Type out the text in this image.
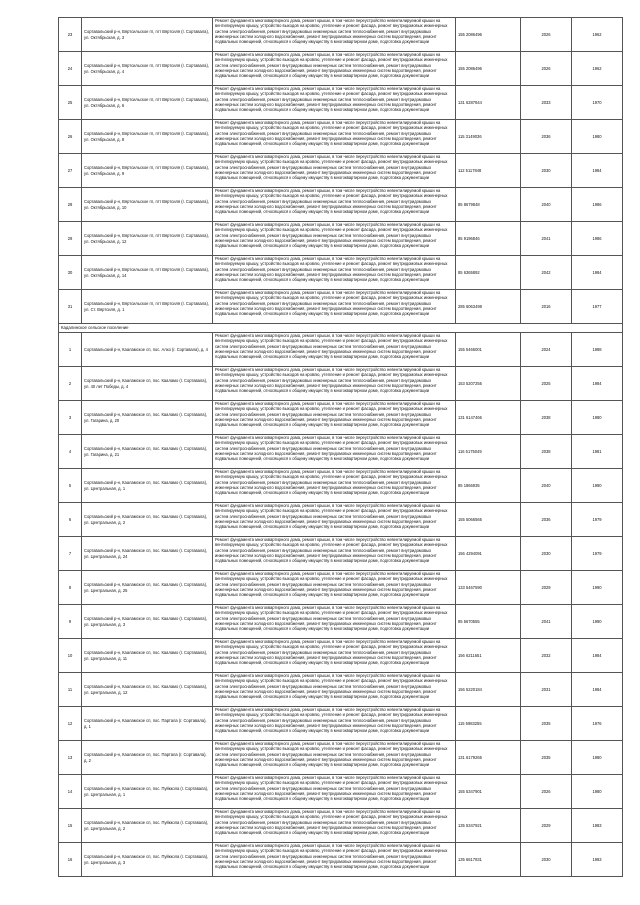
23	Сортавальский р-н, Вяртсильское гп, пгт Вяртсиля (г. Сортавала), ул. Октябрьская, д. 3	Ремонт фундамента многоквартирного дома, ремонт крыши, в том числе переустройство невентилируемой крыши на вентилируемую крышу, устройство выходов на кровлю, утепление и ремонт фасада, ремонт внутридомовых инженерных систем электроснабжения, ремонт внутридомовых инженерных систем теплоснабжения, ремонт внутридомовых инженерных систем холодного водоснабжения, ремонт внутридомовых инженерных систем водоотведения, ремонт подвальных помещений, относящихся к общему имуществу в многоквартирном доме, подготовка документации	155 2086496	2026	1962
24	Сортавальский р-н, Вяртсильское гп, пгт Вяртсиля (г. Сортавала), ул. Октябрьская, д. 4	Ремонт фундамента многоквартирного дома, ремонт крыши, в том числе переустройство невентилируемой крыши на вентилируемую крышу, устройство выходов на кровлю, утепление и ремонт фасада, ремонт внутридомовых инженерных систем электроснабжения, ремонт внутридомовых инженерных систем теплоснабжения, ремонт внутридомовых инженерных систем холодного водоснабжения, ремонт внутридомовых инженерных систем водоотведения, ремонт подвальных помещений, относящихся к общему имуществу в многоквартирном доме, подготовка документации	155 2086496	2026	1962
25	Сортавальский р-н, Вяртсильское гп, пгт Вяртсиля (г. Сортавала), ул. Октябрьская, д. 6	Ремонт фундамента многоквартирного дома, ремонт крыши, в том числе переустройство невентилируемой крыши на вентилируемую крышу, устройство выходов на кровлю, утепление и ремонт фасада, ремонт внутридомовых инженерных систем электроснабжения, ремонт внутридомовых инженерных систем теплоснабжения, ремонт внутридомовых инженерных систем холодного водоснабжения, ремонт внутридомовых инженерных систем водоотведения, ремонт подвальных помещений, относящихся к общему имуществу в многоквартирном доме, подготовка документации	131 6287844	2033	1970
26	Сортавальский р-н, Вяртсильское гп, пгт Вяртсиля (г. Сортавала), ул. Октябрьская, д. 8	Ремонт фундамента многоквартирного дома, ремонт крыши, в том числе переустройство невентилируемой крыши на вентилируемую крышу, устройство выходов на кровлю, утепление и ремонт фасада, ремонт внутридомовых инженерных систем электроснабжения, ремонт внутридомовых инженерных систем теплоснабжения, ремонт внутридомовых инженерных систем холодного водоснабжения, ремонт внутридомовых инженерных систем водоотведения, ремонт подвальных помещений, относящихся к общему имуществу в многоквартирном доме, подготовка документации	115 3149036	2036	1980
27	Сортавальский р-н, Вяртсильское гп, пгт Вяртсиля (г. Сортавала), ул. Октябрьская, д. 9	Ремонт фундамента многоквартирного дома, ремонт крыши, в том числе переустройство невентилируемой крыши на вентилируемую крышу, устройство выходов на кровлю, утепление и ремонт фасада, ремонт внутридомовых инженерных систем электроснабжения, ремонт внутридомовых инженерных систем теплоснабжения, ремонт внутридомовых инженерных систем холодного водоснабжения, ремонт внутридомовых инженерных систем водоотведения, ремонт подвальных помещений, относящихся к общему имуществу в многоквартирном доме, подготовка документации	112 5117848	2030	1984
28	Сортавальский р-н, Вяртсильское гп, пгт Вяртсиля (г. Сортавала), ул. Октябрьская, д. 10	Ремонт фундамента многоквартирного дома, ремонт крыши, в том числе переустройство невентилируемой крыши на вентилируемую крышу, устройство выходов на кровлю, утепление и ремонт фасада, ремонт внутридомовых инженерных систем электроснабжения, ремонт внутридомовых инженерных систем теплоснабжения, ремонт внутридомовых инженерных систем холодного водоснабжения, ремонт внутридомовых инженерных систем водоотведения, ремонт подвальных помещений, относящихся к общему имуществу в многоквартирном доме, подготовка документации	85 8679848	2040	1986
29	Сортавальский р-н, Вяртсильское гп, пгт Вяртсиля (г. Сортавала), ул. Октябрьская, д. 12	Ремонт фундамента многоквартирного дома, ремонт крыши, в том числе переустройство невентилируемой крыши на вентилируемую крышу, устройство выходов на кровлю, утепление и ремонт фасада, ремонт внутридомовых инженерных систем электроснабжения, ремонт внутридомовых инженерных систем теплоснабжения, ремонт внутридомовых инженерных систем холодного водоснабжения, ремонт внутридомовых инженерных систем водоотведения, ремонт подвальных помещений, относящихся к общему имуществу в многоквартирном доме, подготовка документации	85 9196846	2041	1986
30	Сортавальский р-н, Вяртсильское гп, пгт Вяртсиля (г. Сортавала), ул. Октябрьская, д. 14	Ремонт фундамента многоквартирного дома, ремонт крыши, в том числе переустройство невентилируемой крыши на вентилируемую крышу, устройство выходов на кровлю, утепление и ремонт фасада, ремонт внутридомовых инженерных систем электроснабжения, ремонт внутридомовых инженерных систем теплоснабжения, ремонт внутридомовых инженерных систем холодного водоснабжения, ремонт внутридомовых инженерных систем водоотведения, ремонт подвальных помещений, относящихся к общему имуществу в многоквартирном доме, подготовка документации	85 6365892	2042	1984
31	Сортавальский р-н, Вяртсильское гп, пгт Вяртсиля (г. Сортавала), ул. Ст. Вяртсиля, д. 1	Ремонт фундамента многоквартирного дома, ремонт крыши, в том числе переустройство невентилируемой крыши на вентилируемую крышу, устройство выходов на кровлю, утепление и ремонт фасада, ремонт внутридомовых инженерных систем электроснабжения, ремонт внутридомовых инженерных систем теплоснабжения, ремонт внутридомовых инженерных систем холодного водоснабжения, ремонт внутридомовых инженерных систем водоотведения, ремонт подвальных помещений, относящихся к общему имуществу в многоквартирном доме, подготовка документации	285 6063498	2016	1977
Кадалинское сельское поселение					
1	Сортавальский р-н, Кааламское сп, пос. Алхо (г. Сортавала), д. 4	Ремонт фундамента многоквартирного дома, ремонт крыши, в том числе переустройство невентилируемой крыши на вентилируемую крышу, устройство выходов на кровлю, утепление и ремонт фасада, ремонт внутридомовых инженерных систем электроснабжения, ремонт внутридомовых инженерных систем теплоснабжения, ремонт внутридомовых инженерных систем холодного водоснабжения, ремонт внутридомовых инженерных систем водоотведения, ремонт подвальных помещений, относящихся к общему имуществу в многоквартирном доме, подготовка документации	155 5466001	2024	1988
2	Сортавальский р-н, Кааламское сп, пос. Кааламо (г. Сортавала), ул. 40 лет Победы, д. 4	Ремонт фундамента многоквартирного дома, ремонт крыши, в том числе переустройство невентилируемой крыши на вентилируемую крышу, устройство выходов на кровлю, утепление и ремонт фасада, ремонт внутридомовых инженерных систем электроснабжения, ремонт внутридомовых инженерных систем теплоснабжения, ремонт внутридомовых инженерных систем холодного водоснабжения, ремонт внутридомовых инженерных систем водоотведения, ремонт подвальных помещений, относящихся к общему имуществу в многоквартирном доме, подготовка документации	153 5207255	2025	1984
3	Сортавальский р-н, Кааламское сп, пос. Кааламо (г. Сортавала), ул. Гагарина, д. 20	Ремонт фундамента многоквартирного дома, ремонт крыши, в том числе переустройство невентилируемой крыши на вентилируемую крышу, устройство выходов на кровлю, утепление и ремонт фасада, ремонт внутридомовых инженерных систем электроснабжения, ремонт внутридомовых инженерных систем теплоснабжения, ремонт внутридомовых инженерных систем холодного водоснабжения, ремонт внутридомовых инженерных систем водоотведения, ремонт подвальных помещений, относящихся к общему имуществу в многоквартирном доме, подготовка документации	131 6147466	2038	1980
4	Сортавальский р-н, Кааламское сп, пос. Кааламо (г. Сортавала), ул. Гагарина, д. 21	Ремонт фундамента многоквартирного дома, ремонт крыши, в том числе переустройство невентилируемой крыши на вентилируемую крышу, устройство выходов на кровлю, утепление и ремонт фасада, ремонт внутридомовых инженерных систем электроснабжения, ремонт внутридомовых инженерных систем теплоснабжения, ремонт внутридомовых инженерных систем холодного водоснабжения, ремонт внутридомовых инженерных систем водоотведения, ремонт подвальных помещений, относящихся к общему имуществу в многоквартирном доме, подготовка документации	116 5175049	2038	1981
5	Сортавальский р-н, Кааламское сп, пос. Кааламо (г. Сортавала), ул. Центральная, д. 1	Ремонт фундамента многоквартирного дома, ремонт крыши, в том числе переустройство невентилируемой крыши на вентилируемую крышу, устройство выходов на кровлю, утепление и ремонт фасада, ремонт внутридомовых инженерных систем электроснабжения, ремонт внутридомовых инженерных систем теплоснабжения, ремонт внутридомовых инженерных систем холодного водоснабжения, ремонт внутридомовых инженерных систем водоотведения, ремонт подвальных помещений, относящихся к общему имуществу в многоквартирном доме, подготовка документации	85 1866935	2040	1990
6	Сортавальский р-н, Кааламское сп, пос. Кааламо (г. Сортавала), ул. Центральная, д. 2	Ремонт фундамента многоквартирного дома, ремонт крыши, в том числе переустройство невентилируемой крыши на вентилируемую крышу, устройство выходов на кровлю, утепление и ремонт фасада, ремонт внутридомовых инженерных систем электроснабжения, ремонт внутридомовых инженерных систем теплоснабжения, ремонт внутридомовых инженерных систем холодного водоснабжения, ремонт внутридомовых инженерных систем водоотведения, ремонт подвальных помещений, относящихся к общему имуществу в многоквартирном доме, подготовка документации	155 5066565	2036	1979
7	Сортавальский р-н, Кааламское сп, пос. Кааламо (г. Сортавала), ул. Центральная, д. 24	Ремонт фундамента многоквартирного дома, ремонт крыши, в том числе переустройство невентилируемой крыши на вентилируемую крышу, устройство выходов на кровлю, утепление и ремонт фасада, ремонт внутридомовых инженерных систем электроснабжения, ремонт внутридомовых инженерных систем теплоснабжения, ремонт внутридомовых инженерных систем холодного водоснабжения, ремонт внутридомовых инженерных систем водоотведения, ремонт подвальных помещений, относящихся к общему имуществу в многоквартирном доме, подготовка документации	156 4294091	2030	1979
8	Сортавальский р-н, Кааламское сп, пос. Кааламо (г. Сортавала), ул. Центральная, д. 25	Ремонт фундамента многоквартирного дома, ремонт крыши, в том числе переустройство невентилируемой крыши на вентилируемую крышу, устройство выходов на кровлю, утепление и ремонт фасада, ремонт внутридомовых инженерных систем электроснабжения, ремонт внутридомовых инженерных систем теплоснабжения, ремонт внутридомовых инженерных систем холодного водоснабжения, ремонт внутридомовых инженерных систем водоотведения, ремонт подвальных помещений, относящихся к общему имуществу в многоквартирном доме, подготовка документации	133 5467590	2029	1990
9	Сортавальский р-н, Кааламское сп, пос. Кааламо (г. Сортавала), ул. Центральная, д. 3	Ремонт фундамента многоквартирного дома, ремонт крыши, в том числе переустройство невентилируемой крыши на вентилируемую крышу, устройство выходов на кровлю, утепление и ремонт фасада, ремонт внутридомовых инженерных систем электроснабжения, ремонт внутридомовых инженерных систем теплоснабжения, ремонт внутридомовых инженерных систем холодного водоснабжения, ремонт внутридомовых инженерных систем водоотведения, ремонт подвальных помещений, относящихся к общему имуществу в многоквартирном доме, подготовка документации	85 5670555	2041	1990
10	Сортавальский р-н, Кааламское сп, пос. Кааламо (г. Сортавала), ул. Центральная, д. 11	Ремонт фундамента многоквартирного дома, ремонт крыши, в том числе переустройство невентилируемой крыши на вентилируемую крышу, устройство выходов на кровлю, утепление и ремонт фасада, ремонт внутридомовых инженерных систем электроснабжения, ремонт внутридомовых инженерных систем теплоснабжения, ремонт внутридомовых инженерных систем холодного водоснабжения, ремонт внутридомовых инженерных систем водоотведения, ремонт подвальных помещений, относящихся к общему имуществу в многоквартирном доме, подготовка документации	156 6211651	2032	1984
11	Сортавальский р-н, Кааламское сп, пос. Кааламо (г. Сортавала), ул. Центральная, д. 12	Ремонт фундамента многоквартирного дома, ремонт крыши, в том числе переустройство невентилируемой крыши на вентилируемую крышу, устройство выходов на кровлю, утепление и ремонт фасада, ремонт внутридомовых инженерных систем электроснабжения, ремонт внутридомовых инженерных систем теплоснабжения, ремонт внутридомовых инженерных систем холодного водоснабжения, ремонт внутридомовых инженерных систем водоотведения, ремонт подвальных помещений, относящихся к общему имуществу в многоквартирном доме, подготовка документации	156 5220184	2031	1984
12	Сортавальский р-н, Кааламское сп, пос. Партала (г. Сортавала), д. 1	Ремонт фундамента многоквартирного дома, ремонт крыши, в том числе переустройство невентилируемой крыши на вентилируемую крышу, устройство выходов на кровлю, утепление и ремонт фасада, ремонт внутридомовых инженерных систем электроснабжения, ремонт внутридомовых инженерных систем теплоснабжения, ремонт внутридомовых инженерных систем холодного водоснабжения, ремонт внутридомовых инженерных систем водоотведения, ремонт подвальных помещений, относящихся к общему имуществу в многоквартирном доме, подготовка документации	115 5983255	2035	1976
13	Сортавальский р-н, Кааламское сп, пос. Партала (г. Сортавала), д. 2	Ремонт фундамента многоквартирного дома, ремонт крыши, в том числе переустройство невентилируемой крыши на вентилируемую крышу, устройство выходов на кровлю, утепление и ремонт фасада, ремонт внутридомовых инженерных систем электроснабжения, ремонт внутридомовых инженерных систем теплоснабжения, ремонт внутридомовых инженерных систем холодного водоснабжения, ремонт внутридомовых инженерных систем водоотведения, ремонт подвальных помещений, относящихся к общему имуществу в многоквартирном доме, подготовка документации	131 6179265	2035	1980
14	Сортавальский р-н, Кааламское сп, пос. Пуйккола (г. Сортавала), ул. Центральная, д. 1	Ремонт фундамента многоквартирного дома, ремонт крыши, в том числе переустройство невентилируемой крыши на вентилируемую крышу, устройство выходов на кровлю, утепление и ремонт фасада, ремонт внутридомовых инженерных систем электроснабжения, ремонт внутридомовых инженерных систем теплоснабжения, ремонт внутридомовых инженерных систем холодного водоснабжения, ремонт внутридомовых инженерных систем водоотведения, ремонт подвальных помещений, относящихся к общему имуществу в многоквартирном доме, подготовка документации	155 5347901	2026	1980
15	Сортавальский р-н, Кааламское сп, пос. Пуйккола (г. Сортавала), ул. Центральная, д. 2	Ремонт фундамента многоквартирного дома, ремонт крыши, в том числе переустройство невентилируемой крыши на вентилируемую крышу, устройство выходов на кровлю, утепление и ремонт фасада, ремонт внутридомовых инженерных систем электроснабжения, ремонт внутридомовых инженерных систем теплоснабжения, ремонт внутридомовых инженерных систем холодного водоснабжения, ремонт внутридомовых инженерных систем водоотведения, ремонт подвальных помещений, относящихся к общему имуществу в многоквартирном доме, подготовка документации	135 5347921	2029	1983
16	Сортавальский р-н, Кааламское сп, пос. Пуйккола (г. Сортавала), ул. Центральная, д. 3	Ремонт фундамента многоквартирного дома, ремонт крыши, в том числе переустройство невентилируемой крыши на вентилируемую крышу, устройство выходов на кровлю, утепление и ремонт фасада, ремонт внутридомовых инженерных систем электроснабжения, ремонт внутридомовых инженерных систем теплоснабжения, ремонт внутридомовых инженерных систем холодного водоснабжения, ремонт внутридомовых инженерных систем водоотведения, ремонт подвальных помещений, относящихся к общему имуществу в многоквартирном доме, подготовка документации	135 6617831	2030	1983
